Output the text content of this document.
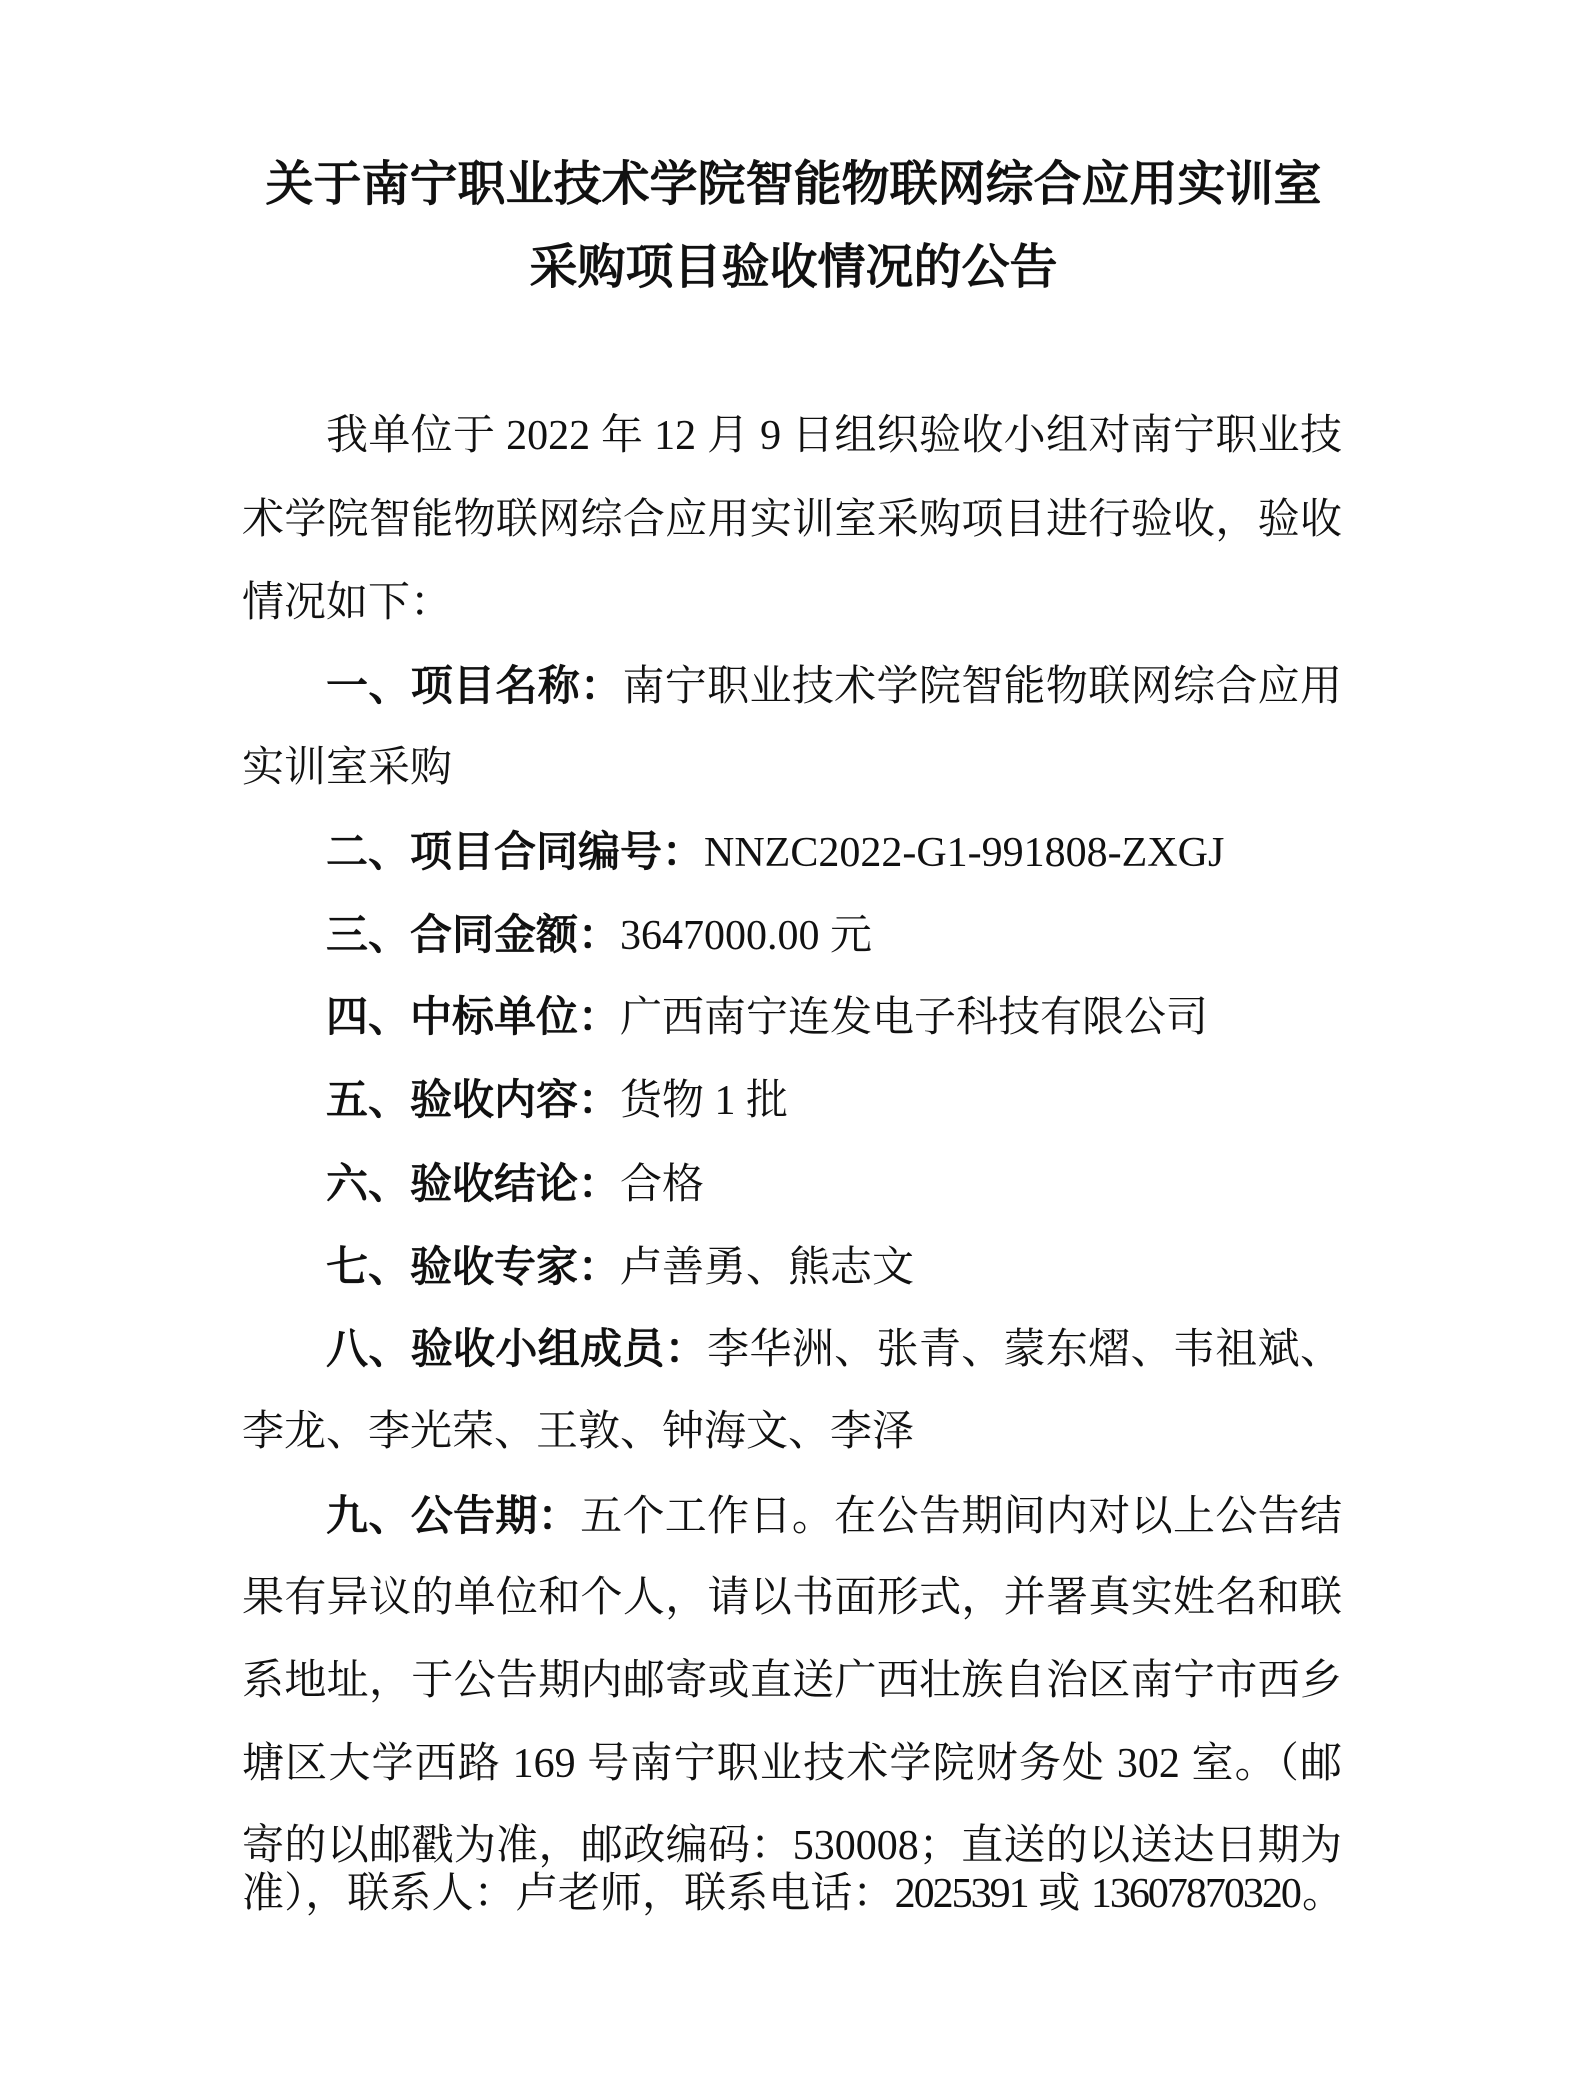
关于南宁职业技术学院智能物联网综合应用实训室
采购项目验收情况的公告
我单位于 2022 年 12 月 9 日组织验收小组对南宁职业技
术学院智能物联网综合应用实训室采购项目进行验收，验收
情况如下：
一、项目名称：南宁职业技术学院智能物联网综合应用
实训室采购
二、项目合同编号：NNZC2022-G1-991808-ZXGJ
三、合同金额：3647000.00 元
四、中标单位：广西南宁连发电子科技有限公司
五、验收内容：货物 1 批
六、验收结论：合格
七、验收专家：卢善勇、熊志文
八、验收小组成员：李华洲、张青、蒙东熠、韦祖斌、
李龙、李光荣、王敦、钟海文、李泽
九、公告期：五个工作日。在公告期间内对以上公告结
果有异议的单位和个人，请以书面形式，并署真实姓名和联
系地址，于公告期内邮寄或直送广西壮族自治区南宁市西乡
塘区大学西路 169 号南宁职业技术学院财务处 302 室。（邮
寄的以邮戳为准，邮政编码：530008；直送的以送达日期为
准），联系人：卢老师，联系电话：2025391 或 13607870320。
